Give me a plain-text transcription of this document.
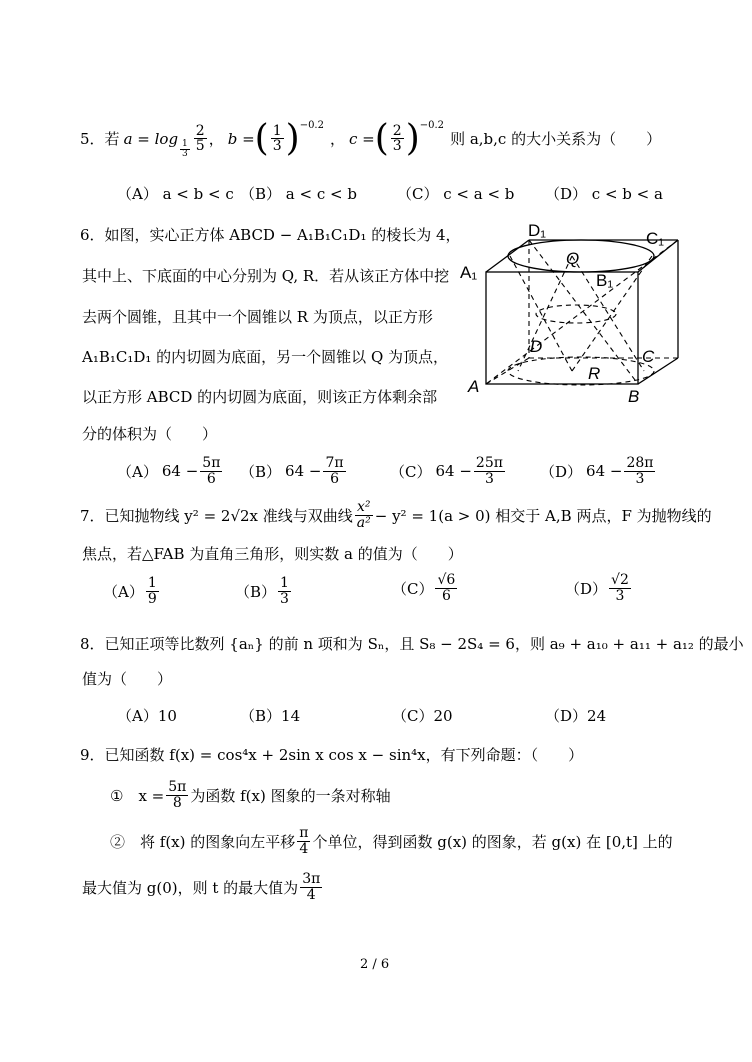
5． 若 a = log
$\frac{1}{3} \frac{2}{5}$ ， b = ( $\frac{1}{3}$ ) −0.2
， c = ( $\frac{2}{3}$ ) −0.2
则 a,b,c 的大小关系为（　　）
（A） a < b < c （B） a < c < b	（C） c < a < b （D） c < b < a
6．如图，实心正方体 ABCD − A₁B₁C₁D₁ 的棱长为 4，
其中上、下底面的中心分别为 Q, R．若从该正方体中挖
去两个圆锥，且其中一个圆锥以 R 为顶点，以正方形
A₁B₁C₁D₁ 的内切圆为底面，另一个圆锥以 Q 为顶点，
以正方形 ABCD 的内切圆为底面，则该正方体剩余部
分的体积为（　　）
D₁	C₁
A₁	B₁
Q
D
C
A
R
B
（A） $64 - \frac{5\pi}{6} (B) 64 - \frac{7\pi}{6}$	（C） $64 - \frac{25\pi}{3} (D) 64 - \frac{28\pi}{3}$
7．已知抛物线 y² = 2√2x 准线与双曲线 $\frac{\text{x²}}{\text{a²}} - y^2 = 1(a > 0)$ 相交于 A,B 两点，F 为抛物线的
焦点，若△FAB 为直角三角形，则实数 a 的值为（　　）
$(A) \frac{1}{9}$	$(B) \frac{1}{3}$	$(C) \frac{√6}{6}$	$(D) \frac{√2}{3}$
8．已知正项等比数列 {aₙ} 的前 n 项和为 Sₙ，且 S₈ − 2S₄ = 6，则 a₉ + a₁₀ + a₁₁ + a₁₂ 的最小
值为（　　）
（A）10	（B）14	（C）20	（D）24
9．已知函数 f(x) = cos⁴x + 2sin x cos x − sin⁴x，有下列命题：（　　）
①　$x = \frac{5\pi}{8}$ 为函数 f(x) 图象的一条对称轴
②　将 f(x) 的图象向左平移 $\frac{\pi}{4}$ 个单位，得到函数 g(x) 的图象，若 g(x) 在 [0,t] 上的
最大值为 g(0)，则 t 的最大值为 $\frac{3\pi}{4}$
2 / 6
